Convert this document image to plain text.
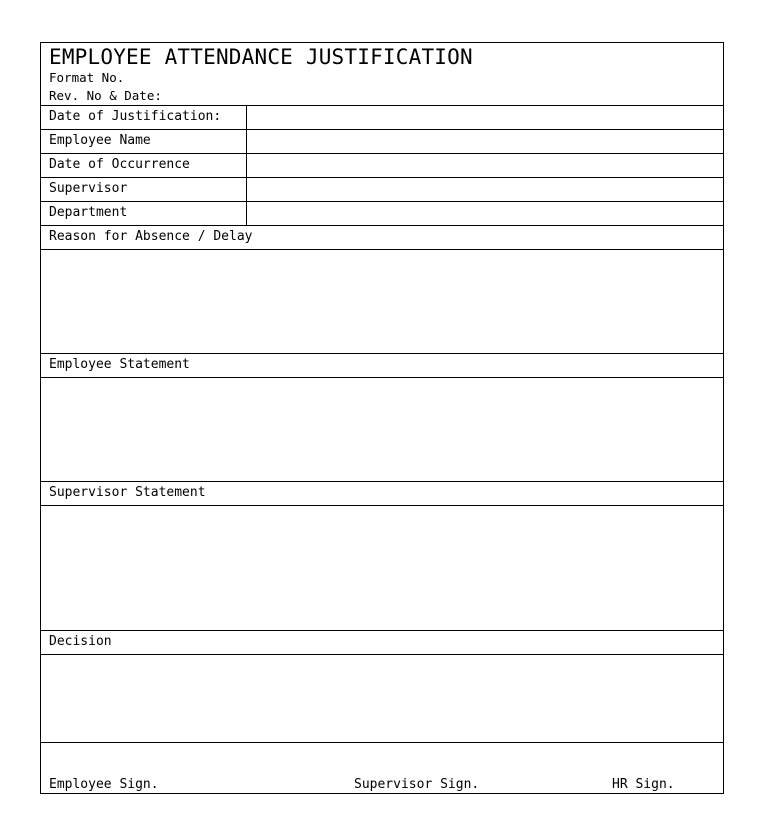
EMPLOYEE ATTENDANCE JUSTIFICATION
Format No.
Rev. No & Date:
Date of Justification:
Employee Name
Date of Occurrence
Supervisor
Department
Reason for Absence / Delay
Employee Statement
Supervisor Statement
Decision
Employee Sign.	Supervisor Sign.	HR Sign.
